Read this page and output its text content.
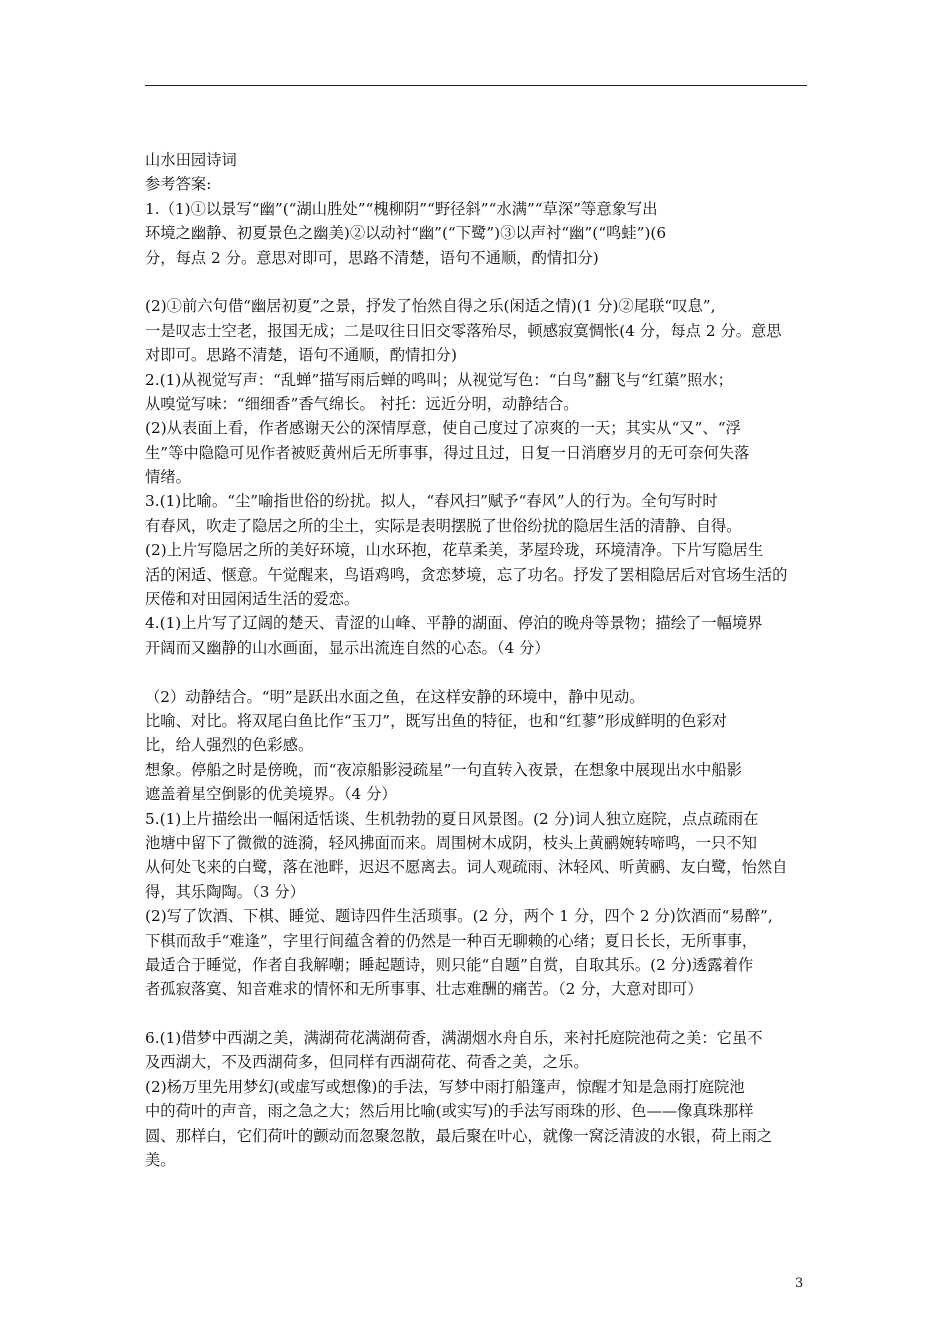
山水田园诗词
参考答案:
1.（1)①以景写“幽”(“湖山胜处”“槐柳阴”“野径斜”“水满”“草深”等意象写出
环境之幽静、初夏景色之幽美)②以动衬“幽”(“下鹭”)③以声衬“幽”(“鸣蛙”)(6
分，每点 2 分。意思对即可，思路不清楚，语句不通顺，酌情扣分)
(2)①前六句借“幽居初夏”之景，抒发了怡然自得之乐(闲适之情)(1 分)②尾联“叹息”,
一是叹志士空老，报国无成；二是叹往日旧交零落殆尽，顿感寂寞惆怅(4 分，每点 2 分。意思
对即可。思路不清楚，语句不通顺，酌情扣分)
2.(1)从视觉写声：“乱蝉”描写雨后蝉的鸣叫；从视觉写色：“白鸟”翻飞与“红蕖”照水；
从嗅觉写味：“细细香”香气绵长。 衬托：远近分明，动静结合。
(2)从表面上看，作者感谢天公的深情厚意，使自己度过了凉爽的一天；其实从“又”、“浮
生”等中隐隐可见作者被贬黄州后无所事事，得过且过，日复一日消磨岁月的无可奈何失落
情绪。
3.(1)比喻。“尘”喻指世俗的纷扰。拟人，“春风扫”赋予“春风”人的行为。全句写时时
有春风，吹走了隐居之所的尘土，实际是表明摆脱了世俗纷扰的隐居生活的清静、自得。
(2)上片写隐居之所的美好环境，山水环抱，花草柔美，茅屋玲珑，环境清净。下片写隐居生
活的闲适、惬意。午觉醒来，鸟语鸡鸣，贪恋梦境，忘了功名。抒发了罢相隐居后对官场生活的
厌倦和对田园闲适生活的爱恋。
4.(1)上片写了辽阔的楚天、青涩的山峰、平静的湖面、停泊的晚舟等景物；描绘了一幅境界
开阔而又幽静的山水画面，显示出流连自然的心态。（4 分）
（2）动静结合。“明”是跃出水面之鱼，在这样安静的环境中，静中见动。
比喻、对比。将双尾白鱼比作“玉刀”，既写出鱼的特征，也和“红蓼”形成鲜明的色彩对
比，给人强烈的色彩感。
想象。停船之时是傍晚，而“夜凉船影浸疏星”一句直转入夜景，在想象中展现出水中船影
遮盖着星空倒影的优美境界。（4 分）
5.(1)上片描绘出一幅闲适恬谈、生机勃勃的夏日风景图。(2 分)词人独立庭院，点点疏雨在
池塘中留下了微微的涟漪，轻风拂面而来。周围树木成阴，枝头上黄鹂婉转啼鸣，一只不知
从何处飞来的白鹭，落在池畔，迟迟不愿离去。词人观疏雨、沐轻风、听黄鹂、友白鹭，怡然自
得，其乐陶陶。（3 分）
(2)写了饮酒、下棋、睡觉、题诗四件生活琐事。(2 分，两个 1 分，四个 2 分)饮酒而“易醉”,
下棋而敌手“难逢”，字里行间蕴含着的仍然是一种百无聊赖的心绪；夏日长长，无所事事，
最适合于睡觉，作者自我解嘲；睡起题诗，则只能“自题”自赏，自取其乐。(2 分)透露着作
者孤寂落寞、知音难求的情怀和无所事事、壮志难酬的痛苦。（2 分，大意对即可）
6.(1)借梦中西湖之美，满湖荷花满湖荷香，满湖烟水舟自乐，来衬托庭院池荷之美：它虽不
及西湖大，不及西湖荷多，但同样有西湖荷花、荷香之美，之乐。
(2)杨万里先用梦幻(或虚写或想像)的手法，写梦中雨打船篷声，惊醒才知是急雨打庭院池
中的荷叶的声音，雨之急之大；然后用比喻(或实写)的手法写雨珠的形、色——像真珠那样
圆、那样白，它们荷叶的颤动而忽聚忽散，最后聚在叶心，就像一窝泛清波的水银，荷上雨之
美。
3
